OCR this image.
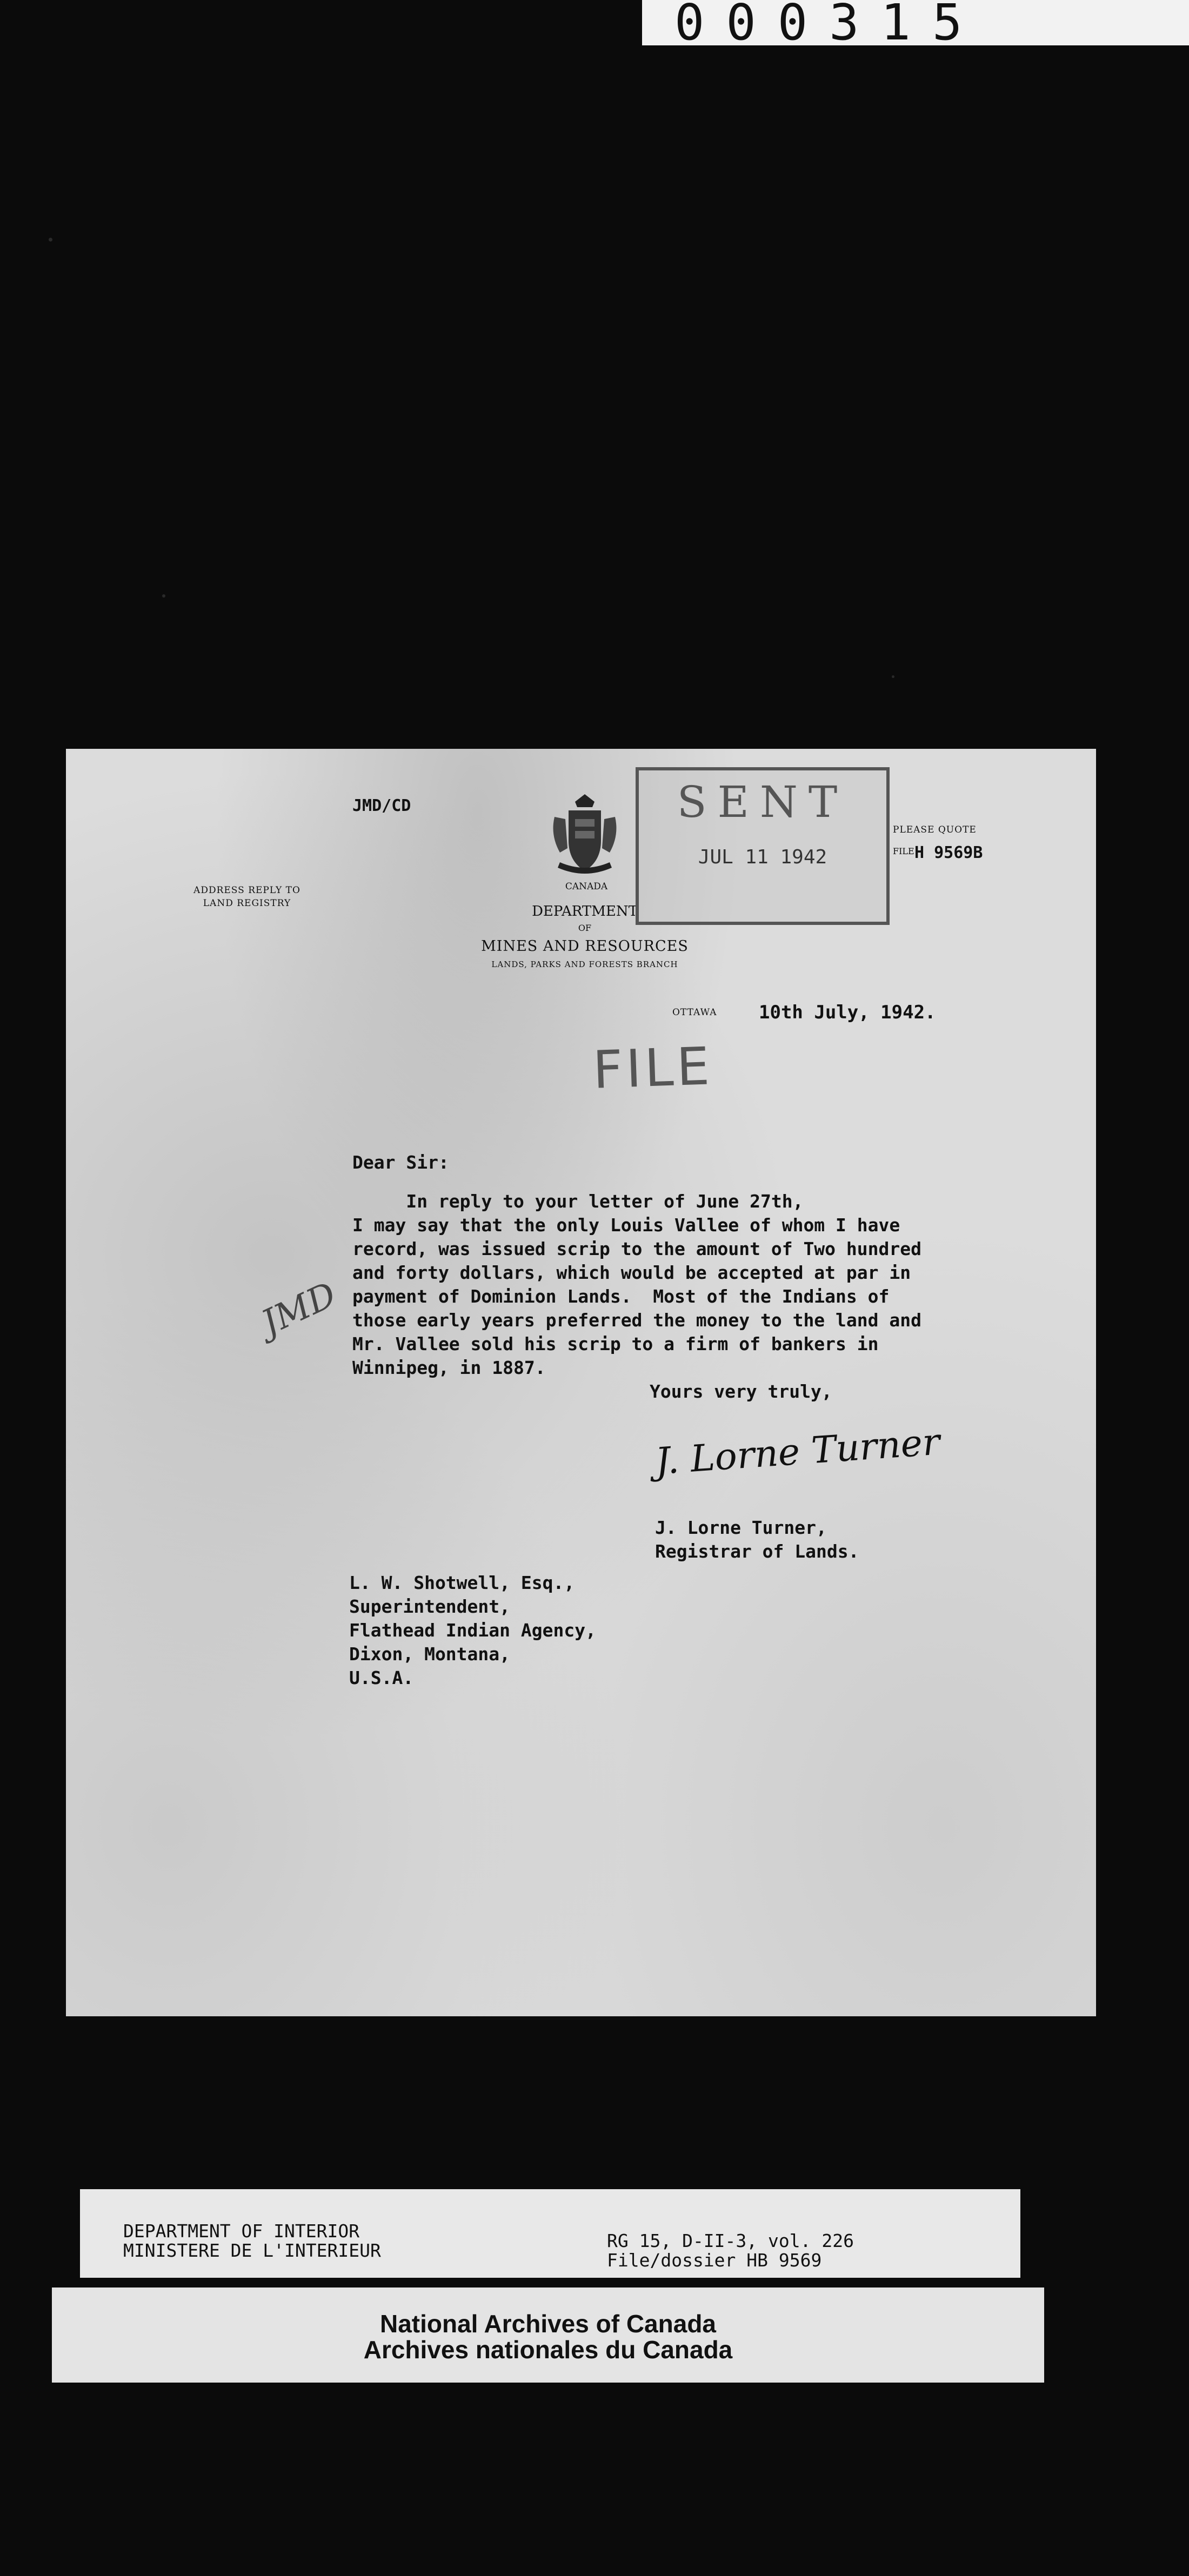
000315
JMD/CD
ADDRESS REPLY TO
LAND REGISTRY
CANADA
DEPARTMENT
OF
MINES AND RESOURCES
LANDS, PARKS AND FORESTS BRANCH
SENT
JUL 11 1942
PLEASE QUOTE
FILE H 9569B
OTTAWA 10th July, 1942.
FILE
Dear Sir:
In reply to your letter of June 27th,
I may say that the only Louis Vallee of whom I have
record, was issued scrip to the amount of Two hundred
and forty dollars, which would be accepted at par in
payment of Dominion Lands.  Most of the Indians of
those early years preferred the money to the land and
Mr. Vallee sold his scrip to a firm of bankers in
Winnipeg, in 1887.
JMD
Yours very truly,
J. Lorne Turner
J. Lorne Turner,
Registrar of Lands.
L. W. Shotwell, Esq.,
Superintendent,
Flathead Indian Agency,
Dixon, Montana,
U.S.A.
DEPARTMENT OF INTERIOR
MINISTERE DE L'INTERIEUR	RG 15, D-II-3, vol. 226
File/dossier HB 9569
National Archives of Canada
Archives nationales du Canada
